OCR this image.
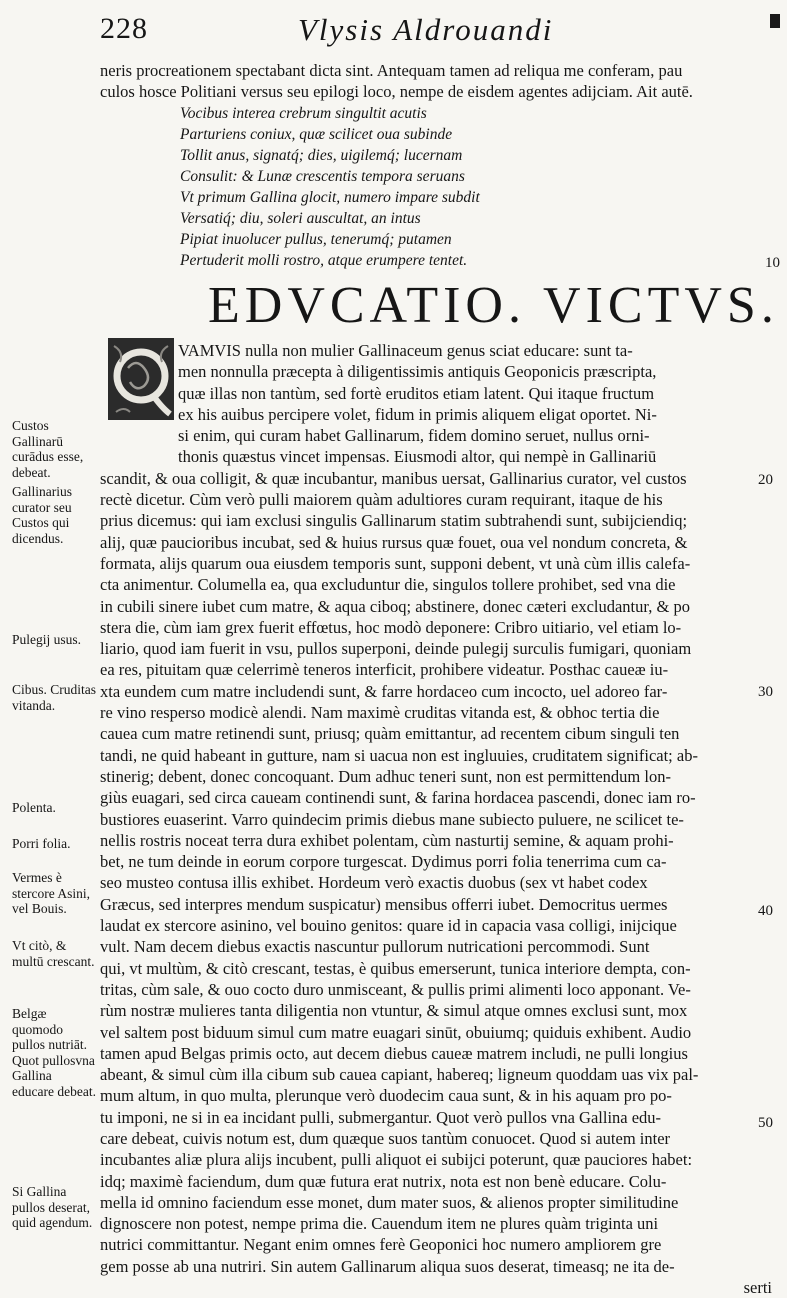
228	Vlysis Aldrouandi
neris procreationem spectabant dicta sint. Antequam tamen ad reliqua me conferam, pau
culos hosce Politiani versus seu epilogi loco, nempe de eisdem agentes adijciam. Ait autē.
Vocibus interea crebrum singultit acutis
Parturiens coniux, quæ scilicet oua subinde
Tollit anus, signatq́; dies, uigilemq́; lucernam
Consulit: & Lunæ crescentis tempora seruans
Vt primum Gallina glocit, numero impare subdit
Versatiq́; diu, soleri auscultat, an intus
Pipiat inuolucer pullus, tenerumq́; putamen
Pertuderit molli rostro, atque erumpere tentet.	10
20
30
40
50
EDVCATIO. VICTVS.
VAMVIS nulla non mulier Gallinaceum genus sciat educare: sunt ta-
men nonnulla præcepta à diligentissimis antiquis Geoponicis præscripta,
quæ illas non tantùm, sed fortè eruditos etiam latent. Qui itaque fructum
ex his auibus percipere volet, fidum in primis aliquem eligat oportet. Ni-
si enim, qui curam habet Gallinarum, fidem domino seruet, nullus orni-
thonis quæstus vincet impensas. Eiusmodi altor, qui nempè in Gallinariū
scandit, & oua colligit, & quæ incubantur, manibus uersat, Gallinarius curator, vel custos
rectè dicetur. Cùm verò pulli maiorem quàm adultiores curam requirant, itaque de his
prius dicemus: qui iam exclusi singulis Gallinarum statim subtrahendi sunt, subijciendiq;
alij, quæ paucioribus incubat, sed & huius rursus quæ fouet, oua vel nondum concreta, &
formata, alijs quarum oua eiusdem temporis sunt, supponi debent, vt unà cùm illis calefa-
cta animentur. Columella ea, qua excluduntur die, singulos tollere prohibet, sed vna die
in cubili sinere iubet cum matre, & aqua ciboq; abstinere, donec cæteri excludantur, & po
stera die, cùm iam grex fuerit effœtus, hoc modò deponere: Cribro uitiario, vel etiam lo-
liario, quod iam fuerit in vsu, pullos superponi, deinde pulegij surculis fumigari, quoniam
ea res, pituitam quæ celerrimè teneros interficit, prohibere videatur. Posthac caueæ iu-
xta eundem cum matre includendi sunt, & farre hordaceo cum incocto, uel adoreo far-
re vino resperso modicè alendi. Nam maximè cruditas vitanda est, & obhoc tertia die
cauea cum matre retinendi sunt, priusq; quàm emittantur, ad recentem cibum singuli ten
tandi, ne quid habeant in gutture, nam si uacua non est ingluuies, cruditatem significat; ab-
stinerig; debent, donec concoquant. Dum adhuc teneri sunt, non est permittendum lon-
giùs euagari, sed circa caueam continendi sunt, & farina hordacea pascendi, donec iam ro-
bustiores euaserint. Varro quindecim primis diebus mane subiecto puluere, ne scilicet te-
nellis rostris noceat terra dura exhibet polentam, cùm nasturtij semine, & aquam prohi-
bet, ne tum deinde in eorum corpore turgescat. Dydimus porri folia tenerrima cum ca-
seo musteo contusa illis exhibet. Hordeum verò exactis duobus (sex vt habet codex
Græcus, sed interpres mendum suspicatur) mensibus offerri iubet. Democritus uermes
laudat ex stercore asinino, vel bouino genitos: quare id in capacia vasa colligi, inijcique
vult. Nam decem diebus exactis nascuntur pullorum nutricationi percommodi. Sunt
qui, vt multùm, & citò crescant, testas, è quibus emerserunt, tunica interiore dempta, con-
tritas, cùm sale, & ouo cocto duro unmisceant, & pullis primi alimenti loco apponant. Ve-
rùm nostræ mulieres tanta diligentia non vtuntur, & simul atque omnes exclusi sunt, mox
vel saltem post biduum simul cum matre euagari sinūt, obuiumq; quiduis exhibent. Audio
tamen apud Belgas primis octo, aut decem diebus caueæ matrem includi, ne pulli longius
abeant, & simul cùm illa cibum sub cauea capiant, habereq; ligneum quoddam uas vix pal-
mum altum, in quo multa, plerunque verò duodecim caua sunt, & in his aquam pro po-
tu imponi, ne si in ea incidant pulli, submergantur. Quot verò pullos vna Gallina edu-
care debeat, cuivis notum est, dum quæque suos tantùm conuocet. Quod si autem inter
incubantes aliæ plura alijs incubent, pulli aliquot ei subijci poterunt, quæ pauciores habet:
idq; maximè faciendum, dum quæ futura erat nutrix, nota est non benè educare. Colu-
mella id omnino faciendum esse monet, dum mater suos, & alienos propter similitudine
dignoscere non potest, nempe prima die. Cauendum item ne plures quàm triginta uni
nutrici committantur. Negant enim omnes ferè Geoponici hoc numero ampliorem gre
gem posse ab una nutriri. Sin autem Gallinarum aliqua suos deserat, timeasq; ne ita de-
serti
Custos Gallinarū curādus esse, debeat.
Gallinarius curator seu Custos qui dicendus.
Pulegij usus.
Cibus. Cruditas vitanda.
Polenta.
Porri folia.
Vermes è stercore Asini, vel Bouis.
Vt citò, & multū crescant.
Belgæ quomodo pullos nutriāt. Quot pullosvna Gallina educare debeat.
Si Gallina pullos deserat, quid agendum.
